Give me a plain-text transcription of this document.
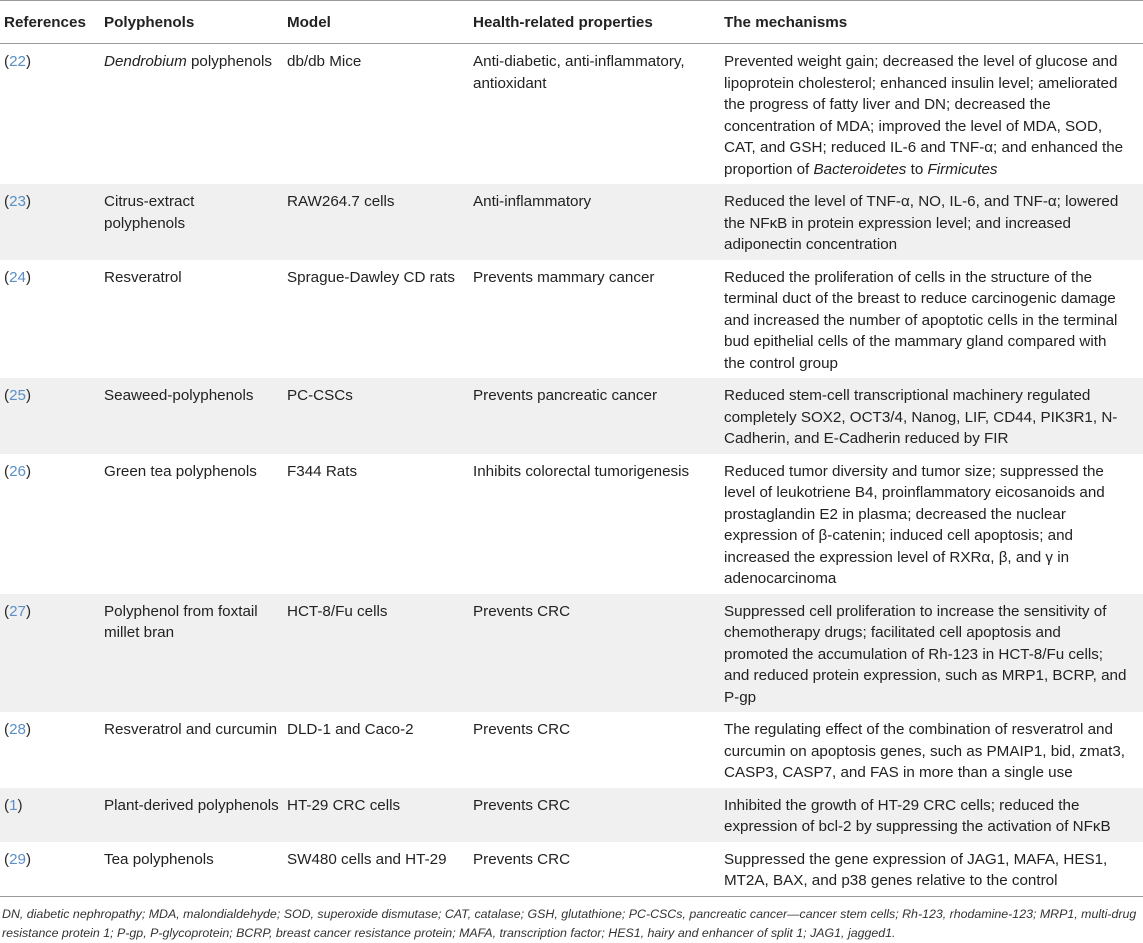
References	Polyphenols	Model	Health-related properties	The mechanisms
(22)	Dendrobium polyphenols	db/db Mice	Anti-diabetic, anti-inflammatory, antioxidant	Prevented weight gain; decreased the level of glucose and lipoprotein cholesterol; enhanced insulin level; ameliorated the progress of fatty liver and DN; decreased the concentration of MDA; improved the level of MDA, SOD, CAT, and GSH; reduced IL-6 and TNF-α; and enhanced the proportion of Bacteroidetes to Firmicutes
(23)	Citrus-extract polyphenols	RAW264.7 cells	Anti-inflammatory	Reduced the level of TNF-α, NO, IL-6, and TNF-α; lowered the NFκB in protein expression level; and increased adiponectin concentration
(24)	Resveratrol	Sprague-Dawley CD rats	Prevents mammary cancer	Reduced the proliferation of cells in the structure of the terminal duct of the breast to reduce carcinogenic damage and increased the number of apoptotic cells in the terminal bud epithelial cells of the mammary gland compared with the control group
(25)	Seaweed-polyphenols	PC-CSCs	Prevents pancreatic cancer	Reduced stem-cell transcriptional machinery regulated completely SOX2, OCT3/4, Nanog, LIF, CD44, PIK3R1, N-Cadherin, and E-Cadherin reduced by FIR
(26)	Green tea polyphenols	F344 Rats	Inhibits colorectal tumorigenesis	Reduced tumor diversity and tumor size; suppressed the level of leukotriene B4, proinflammatory eicosanoids and prostaglandin E2 in plasma; decreased the nuclear expression of β-catenin; induced cell apoptosis; and increased the expression level of RXRα, β, and γ in adenocarcinoma
(27)	Polyphenol from foxtail millet bran	HCT-8/Fu cells	Prevents CRC	Suppressed cell proliferation to increase the sensitivity of chemotherapy drugs; facilitated cell apoptosis and promoted the accumulation of Rh-123 in HCT-8/Fu cells; and reduced protein expression, such as MRP1, BCRP, and P-gp
(28)	Resveratrol and curcumin	DLD-1 and Caco-2	Prevents CRC	The regulating effect of the combination of resveratrol and curcumin on apoptosis genes, such as PMAIP1, bid, zmat3, CASP3, CASP7, and FAS in more than a single use
(1)	Plant-derived polyphenols	HT-29 CRC cells	Prevents CRC	Inhibited the growth of HT-29 CRC cells; reduced the expression of bcl-2 by suppressing the activation of NFκB
(29)	Tea polyphenols	SW480 cells and HT-29	Prevents CRC	Suppressed the gene expression of JAG1, MAFA, HES1, MT2A, BAX, and p38 genes relative to the control
DN, diabetic nephropathy; MDA, malondialdehyde; SOD, superoxide dismutase; CAT, catalase; GSH, glutathione; PC-CSCs, pancreatic cancer—cancer stem cells; Rh-123, rhodamine-123; MRP1, multi-drug resistance protein 1; P-gp, P-glycoprotein; BCRP, breast cancer resistance protein; MAFA, transcription factor; HES1, hairy and enhancer of split 1; JAG1, jagged1.
